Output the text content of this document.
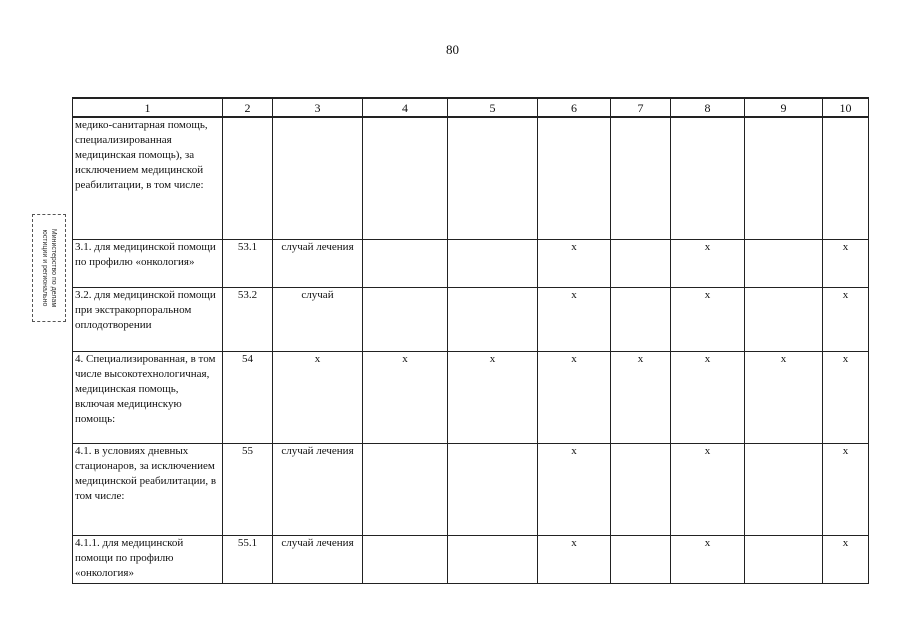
80
Министерство по делам
юстиции и регионально
1	2	3	4	5	6	7	8	9	10
медико-санитарная помощь, специализированная медицинская помощь), за исключением медицинской реабилитации, в том числе:									
3.1. для медицинской помощи по профилю «онкология»	53.1	случай лечения			х		х		х
3.2. для медицинской помощи при экстракорпоральном оплодотворении	53.2	случай			х		х		х
4. Специализированная, в том числе высокотехнологичная, медицинская помощь, включая медицинскую помощь:	54	х	х	х	х	х	х	х	х
4.1. в условиях дневных стационаров, за исключением медицинской реабилитации, в том числе:	55	случай лечения			х		х		х
4.1.1. для медицинской помощи по профилю «онкология»	55.1	случай лечения			х		х		х
